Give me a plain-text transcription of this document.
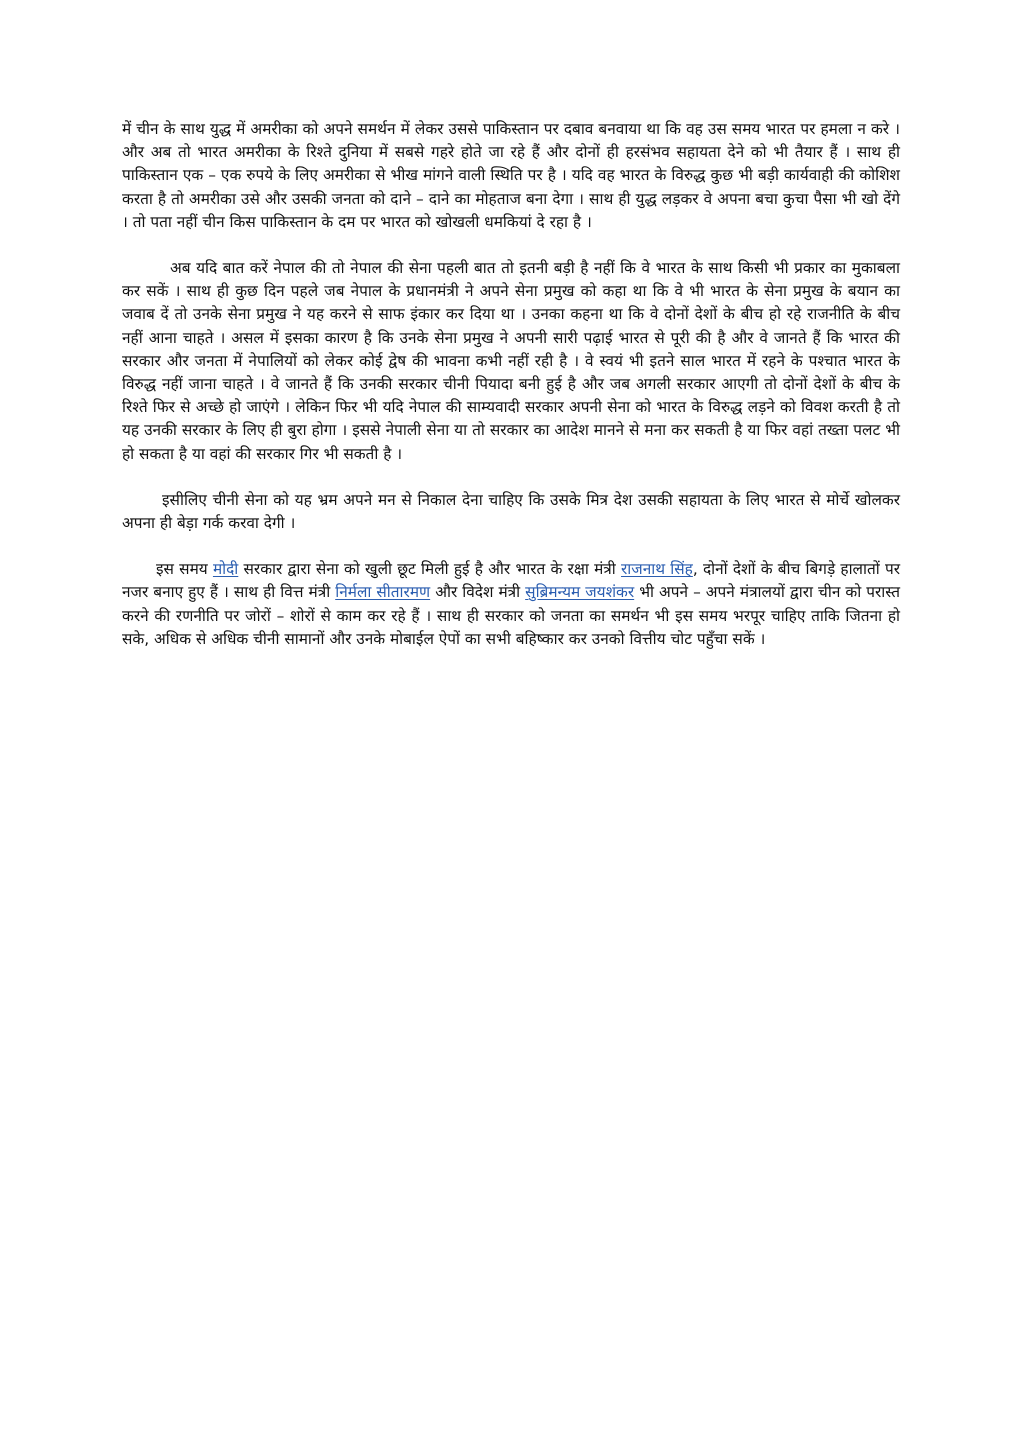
में चीन के साथ युद्ध में अमरीका को अपने समर्थन में लेकर उससे पाकिस्तान पर दबाव बनवाया था कि वह उस समय भारत पर हमला न करे । और अब तो भारत अमरीका के रिश्ते दुनिया में सबसे गहरे होते जा रहे हैं और दोनों ही हरसंभव सहायता देने को भी तैयार हैं । साथ ही पाकिस्तान एक – एक रुपये के लिए अमरीका से भीख मांगने वाली स्थिति पर है । यदि वह भारत के विरुद्ध कुछ भी बड़ी कार्यवाही की कोशिश करता है तो अमरीका उसे और उसकी जनता को दाने – दाने का मोहताज बना देगा । साथ ही युद्ध लड़कर वे अपना बचा कुचा पैसा भी खो देंगे । तो पता नहीं चीन किस पाकिस्तान के दम पर भारत को खोखली धमकियां दे रहा है ।

अब यदि बात करें नेपाल की तो नेपाल की सेना पहली बात तो इतनी बड़ी है नहीं कि वे भारत के साथ किसी भी प्रकार का मुकाबला कर सकें । साथ ही कुछ दिन पहले जब नेपाल के प्रधानमंत्री ने अपने सेना प्रमुख को कहा था कि वे भी भारत के सेना प्रमुख के बयान का जवाब दें तो उनके सेना प्रमुख ने यह करने से साफ इंकार कर दिया था । उनका कहना था कि वे दोनों देशों के बीच हो रहे राजनीति के बीच नहीं आना चाहते । असल में इसका कारण है कि उनके सेना प्रमुख ने अपनी सारी पढ़ाई भारत से पूरी की है और वे जानते हैं कि भारत की सरकार और जनता में नेपालियों को लेकर कोई द्वेष की भावना कभी नहीं रही है । वे स्वयं भी इतने साल भारत में रहने के पश्चात भारत के विरुद्ध नहीं जाना चाहते । वे जानते हैं कि उनकी सरकार चीनी पियादा बनी हुई है और जब अगली सरकार आएगी तो दोनों देशों के बीच के रिश्ते फिर से अच्छे हो जाएंगे । लेकिन फिर भी यदि नेपाल की साम्यवादी सरकार अपनी सेना को भारत के विरुद्ध लड़ने को विवश करती है तो यह उनकी सरकार के लिए ही बुरा होगा । इससे नेपाली सेना या तो सरकार का आदेश मानने से मना कर सकती है या फिर वहां तख्ता पलट भी हो सकता है या वहां की सरकार गिर भी सकती है ।

इसीलिए चीनी सेना को यह भ्रम अपने मन से निकाल देना चाहिए कि उसके मित्र देश उसकी सहायता के लिए भारत से मोर्चे खोलकर अपना ही बेड़ा गर्क करवा देगी ।

इस समय मोदी सरकार द्वारा सेना को खुली छूट मिली हुई है और भारत के रक्षा मंत्री राजनाथ सिंह, दोनों देशों के बीच बिगड़े हालातों पर नजर बनाए हुए हैं । साथ ही वित्त मंत्री निर्मला सीतारमण और विदेश मंत्री सुब्रिमन्यम जयशंकर भी अपने – अपने मंत्रालयों द्वारा चीन को परास्त करने की रणनीति पर जोरों – शोरों से काम कर रहे हैं । साथ ही सरकार को जनता का समर्थन भी इस समय भरपूर चाहिए ताकि जितना हो सके, अधिक से अधिक चीनी सामानों और उनके मोबाईल ऐपों का सभी बहिष्कार कर उनको वित्तीय चोट पहुँचा सकें ।
